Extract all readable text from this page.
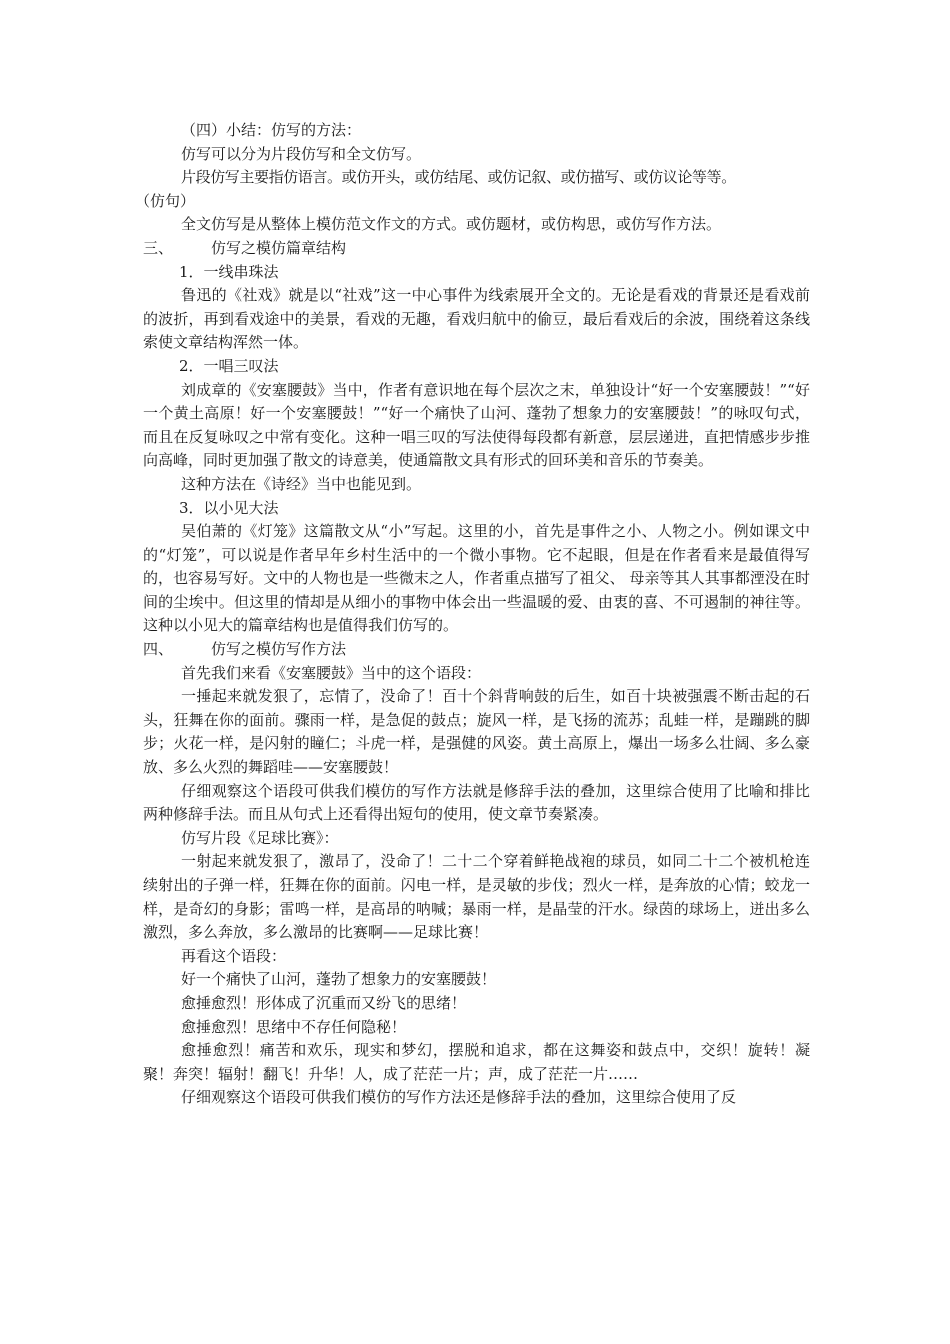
（四）小结：仿写的方法：

仿写可以分为片段仿写和全文仿写。

片段仿写主要指仿语言。或仿开头，或仿结尾、或仿记叙、或仿描写、或仿议论等等。

（仿句）

全文仿写是从整体上模仿范文作文的方式。或仿题材，或仿构思，或仿写作方法。

三、	仿写之模仿篇章结构
1．一线串珠法

鲁迅的《社戏》就是以“社戏”这一中心事件为线索展开全文的。无论是看戏的背景还是看戏前的波折，再到看戏途中的美景，看戏的无趣，看戏归航中的偷豆，最后看戏后的余波，围绕着这条线索使文章结构浑然一体。

2．一唱三叹法

刘成章的《安塞腰鼓》当中，作者有意识地在每个层次之末，单独设计“好一个安塞腰鼓！”“好一个黄土高原！好一个安塞腰鼓！”“好一个痛快了山河、蓬勃了想象力的安塞腰鼓！”的咏叹句式，而且在反复咏叹之中常有变化。这种一唱三叹的写法使得每段都有新意，层层递进，直把情感步步推向高峰，同时更加强了散文的诗意美，使通篇散文具有形式的回环美和音乐的节奏美。

这种方法在《诗经》当中也能见到。

3．以小见大法

吴伯萧的《灯笼》这篇散文从“小”写起。这里的小，首先是事件之小、人物之小。例如课文中的“灯笼”，可以说是作者早年乡村生活中的一个微小事物。它不起眼，但是在作者看来是最值得写的，也容易写好。文中的人物也是一些微末之人，作者重点描写了祖父、 母亲等其人其事都湮没在时间的尘埃中。但这里的情却是从细小的事物中体会出一些温暖的爱、由衷的喜、不可遏制的神往等。这种以小见大的篇章结构也是值得我们仿写的。

四、	仿写之模仿写作方法

首先我们来看《安塞腰鼓》当中的这个语段：

一捶起来就发狠了，忘情了，没命了！百十个斜背响鼓的后生，如百十块被强震不断击起的石头，狂舞在你的面前。骤雨一样，是急促的鼓点；旋风一样，是飞扬的流苏；乱蛙一样，是蹦跳的脚步；火花一样，是闪射的瞳仁；斗虎一样，是强健的风姿。黄土高原上，爆出一场多么壮阔、多么豪放、多么火烈的舞蹈哇——安塞腰鼓！

仔细观察这个语段可供我们模仿的写作方法就是修辞手法的叠加，这里综合使用了比喻和排比两种修辞手法。而且从句式上还看得出短句的使用，使文章节奏紧凑。

仿写片段《足球比赛》：

一射起来就发狠了，激昂了，没命了！二十二个穿着鲜艳战袍的球员，如同二十二个被机枪连续射出的子弹一样，狂舞在你的面前。闪电一样，是灵敏的步伐；烈火一样，是奔放的心情；蛟龙一样，是奇幻的身影；雷鸣一样，是高昂的呐喊；暴雨一样，是晶莹的汗水。绿茵的球场上，迸出多么激烈，多么奔放，多么激昂的比赛啊——足球比赛！

再看这个语段：

好一个痛快了山河，蓬勃了想象力的安塞腰鼓！

愈捶愈烈！形体成了沉重而又纷飞的思绪！

愈捶愈烈！思绪中不存任何隐秘！

愈捶愈烈！痛苦和欢乐，现实和梦幻，摆脱和追求，都在这舞姿和鼓点中，交织！旋转！凝聚！奔突！辐射！翻飞！升华！人，成了茫茫一片；声，成了茫茫一片……

仔细观察这个语段可供我们模仿的写作方法还是修辞手法的叠加，这里综合使用了反
